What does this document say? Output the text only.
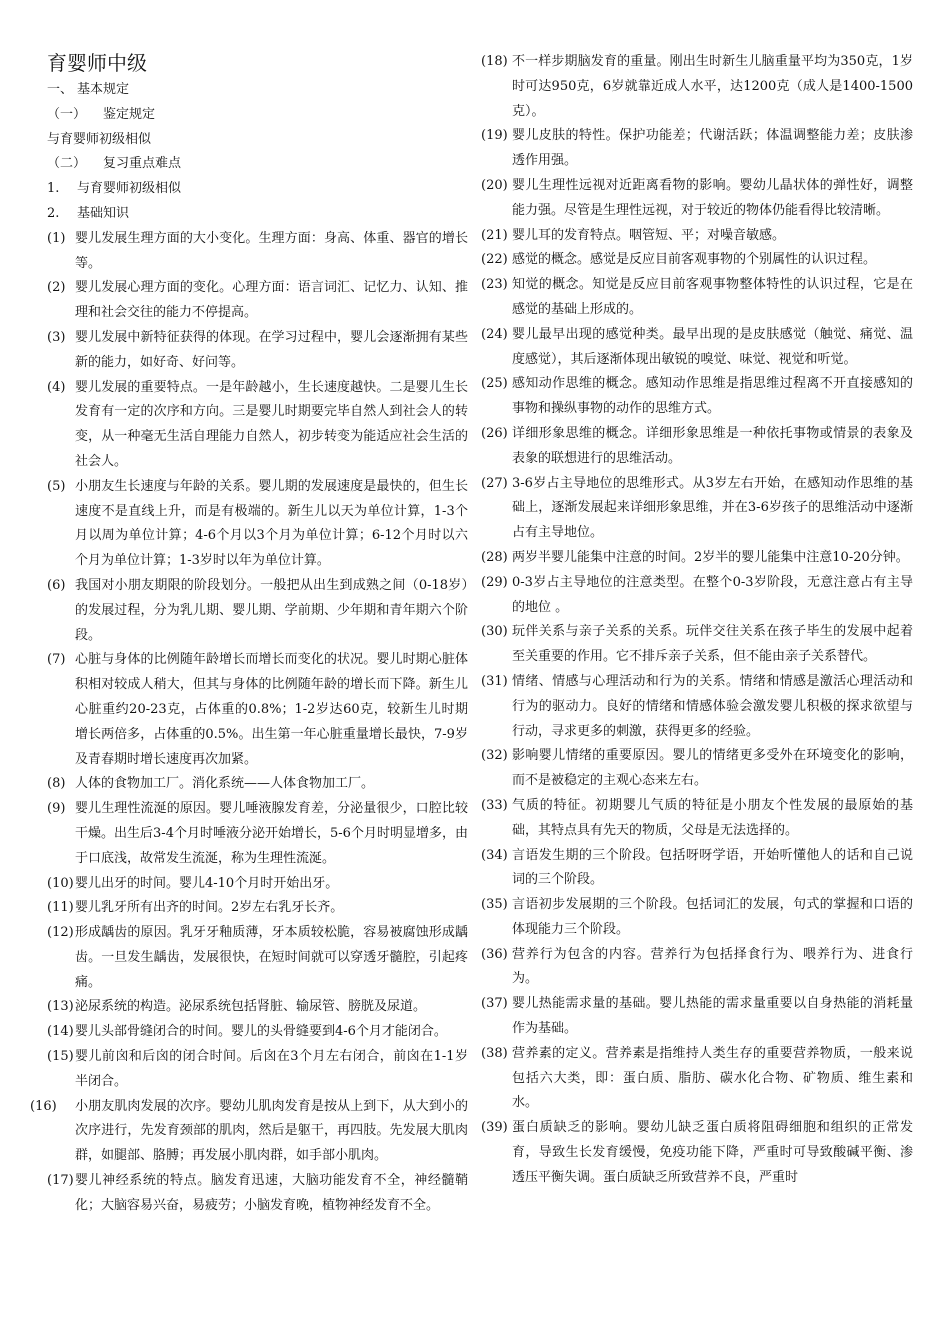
育婴师中级
一、 基本规定
（一） 鉴定规定
与育婴师初级相似
（二） 复习重点难点
1. 与育婴师初级相似
2. 基础知识
(1) 婴儿发展生理方面的大小变化。生理方面：身高、体重、器官的增长等。
(2) 婴儿发展心理方面的变化。心理方面：语言词汇、记忆力、认知、推理和社会交往的能力不停提高。
(3) 婴儿发展中新特征获得的体现。在学习过程中，婴儿会逐渐拥有某些新的能力，如好奇、好问等。
(4) 婴儿发展的重要特点。一是年龄越小，生长速度越快。二是婴儿生长发育有一定的次序和方向。三是婴儿时期要完毕自然人到社会人的转变，从一种毫无生活自理能力自然人，初步转变为能适应社会生活的社会人。
(5) 小朋友生长速度与年龄的关系。婴儿期的发展速度是最快的，但生长速度不是直线上升，而是有极端的。新生儿以天为单位计算，1-3个月以周为单位计算；4-6个月以3个月为单位计算；6-12个月时以六个月为单位计算；1-3岁时以年为单位计算。
(6) 我国对小朋友期限的阶段划分。一般把从出生到成熟之间（0-18岁）的发展过程，分为乳儿期、婴儿期、学前期、少年期和青年期六个阶段。
(7) 心脏与身体的比例随年龄增长而增长而变化的状况。婴儿时期心脏体积相对较成人稍大，但其与身体的比例随年龄的增长而下降。新生儿心脏重约20-23克，占体重的0.8%；1-2岁达60克，较新生儿时期增长两倍多，占体重的0.5%。出生第一年心脏重量增长最快，7-9岁及青春期时增长速度再次加紧。
(8) 人体的食物加工厂。消化系统——人体食物加工厂。
(9) 婴儿生理性流涎的原因。婴儿唾液腺发育差，分泌量很少，口腔比较干燥。出生后3-4个月时唾液分泌开始增长，5-6个月时明显增多，由于口底浅，故常发生流涎，称为生理性流涎。
(10) 婴儿出牙的时间。婴儿4-10个月时开始出牙。
(11) 婴儿乳牙所有出齐的时间。2岁左右乳牙长齐。
(12) 形成龋齿的原因。乳牙牙釉质薄，牙本质较松脆，容易被腐蚀形成龋齿。一旦发生龋齿，发展很快，在短时间就可以穿透牙髓腔，引起疼痛。
(13) 泌尿系统的构造。泌尿系统包括肾脏、输尿管、膀胱及尿道。
(14) 婴儿头部骨缝闭合的时间。婴儿的头骨缝要到4-6个月才能闭合。
(15) 婴儿前囟和后囟的闭合时间。后囟在3个月左右闭合，前囟在1-1岁半闭合。
(16)	小朋友肌肉发展的次序。婴幼儿肌肉发育是按从上到下，从大到小的次序进行，先发育颈部的肌肉，然后是躯干，再四肢。先发展大肌肉群，如腿部、胳膊；再发展小肌肉群，如手部小肌肉。
(17) 婴儿神经系统的特点。脑发育迅速，大脑功能发育不全，神经髓鞘化；大脑容易兴奋，易疲劳；小脑发育晚，植物神经发育不全。
(18) 不一样步期脑发育的重量。刚出生时新生儿脑重量平均为350克，1岁时可达950克，6岁就靠近成人水平，达1200克（成人是1400-1500克）。
(19) 婴儿皮肤的特性。保护功能差；代谢活跃；体温调整能力差；皮肤渗透作用强。
(20) 婴儿生理性远视对近距离看物的影响。婴幼儿晶状体的弹性好，调整能力强。尽管是生理性远视，对于较近的物体仍能看得比较清晰。
(21) 婴儿耳的发育特点。咽管短、平；对噪音敏感。
(22) 感觉的概念。感觉是反应目前客观事物的个别属性的认识过程。
(23) 知觉的概念。知觉是反应目前客观事物整体特性的认识过程，它是在感觉的基础上形成的。
(24) 婴儿最早出现的感觉种类。最早出现的是皮肤感觉（触觉、痛觉、温度感觉），其后逐渐体现出敏锐的嗅觉、味觉、视觉和听觉。
(25) 感知动作思维的概念。感知动作思维是指思维过程离不开直接感知的事物和操纵事物的动作的思维方式。
(26) 详细形象思维的概念。详细形象思维是一种依托事物或情景的表象及表象的联想进行的思维活动。
(27) 3-6岁占主导地位的思维形式。从3岁左右开始，在感知动作思维的基础上，逐渐发展起来详细形象思维，并在3-6岁孩子的思维活动中逐渐占有主导地位。
(28) 两岁半婴儿能集中注意的时间。2岁半的婴儿能集中注意10-20分钟。
(29) 0-3岁占主导地位的注意类型。在整个0-3岁阶段，无意注意占有主导的地位 。
(30) 玩伴关系与亲子关系的关系。玩伴交往关系在孩子毕生的发展中起着至关重要的作用。它不排斥亲子关系，但不能由亲子关系替代。
(31) 情绪、情感与心理活动和行为的关系。情绪和情感是激活心理活动和行为的驱动力。良好的情绪和情感体验会激发婴儿积极的探求欲望与行动，寻求更多的刺激，获得更多的经验。
(32) 影响婴儿情绪的重要原因。婴儿的情绪更多受外在环境变化的影响，而不是被稳定的主观心态来左右。
(33) 气质的特征。初期婴儿气质的特征是小朋友个性发展的最原始的基础，其特点具有先天的物质，父母是无法选择的。
(34) 言语发生期的三个阶段。包括呀呀学语，开始听懂他人的话和自己说词的三个阶段。
(35) 言语初步发展期的三个阶段。包括词汇的发展，句式的掌握和口语的体现能力三个阶段。
(36) 营养行为包含的内容。营养行为包括择食行为、喂养行为、进食行为。
(37) 婴儿热能需求量的基础。婴儿热能的需求量重要以自身热能的消耗量作为基础。
(38) 营养素的定义。营养素是指维持人类生存的重要营养物质，一般来说包括六大类，即：蛋白质、脂肪、碳水化合物、矿物质、维生素和水。
(39) 蛋白质缺乏的影响。婴幼儿缺乏蛋白质将阻碍细胞和组织的正常发育，导致生长发育缓慢，免疫功能下降，严重时可导致酸碱平衡、渗透压平衡失调。蛋白质缺乏所致营养不良，严重时
